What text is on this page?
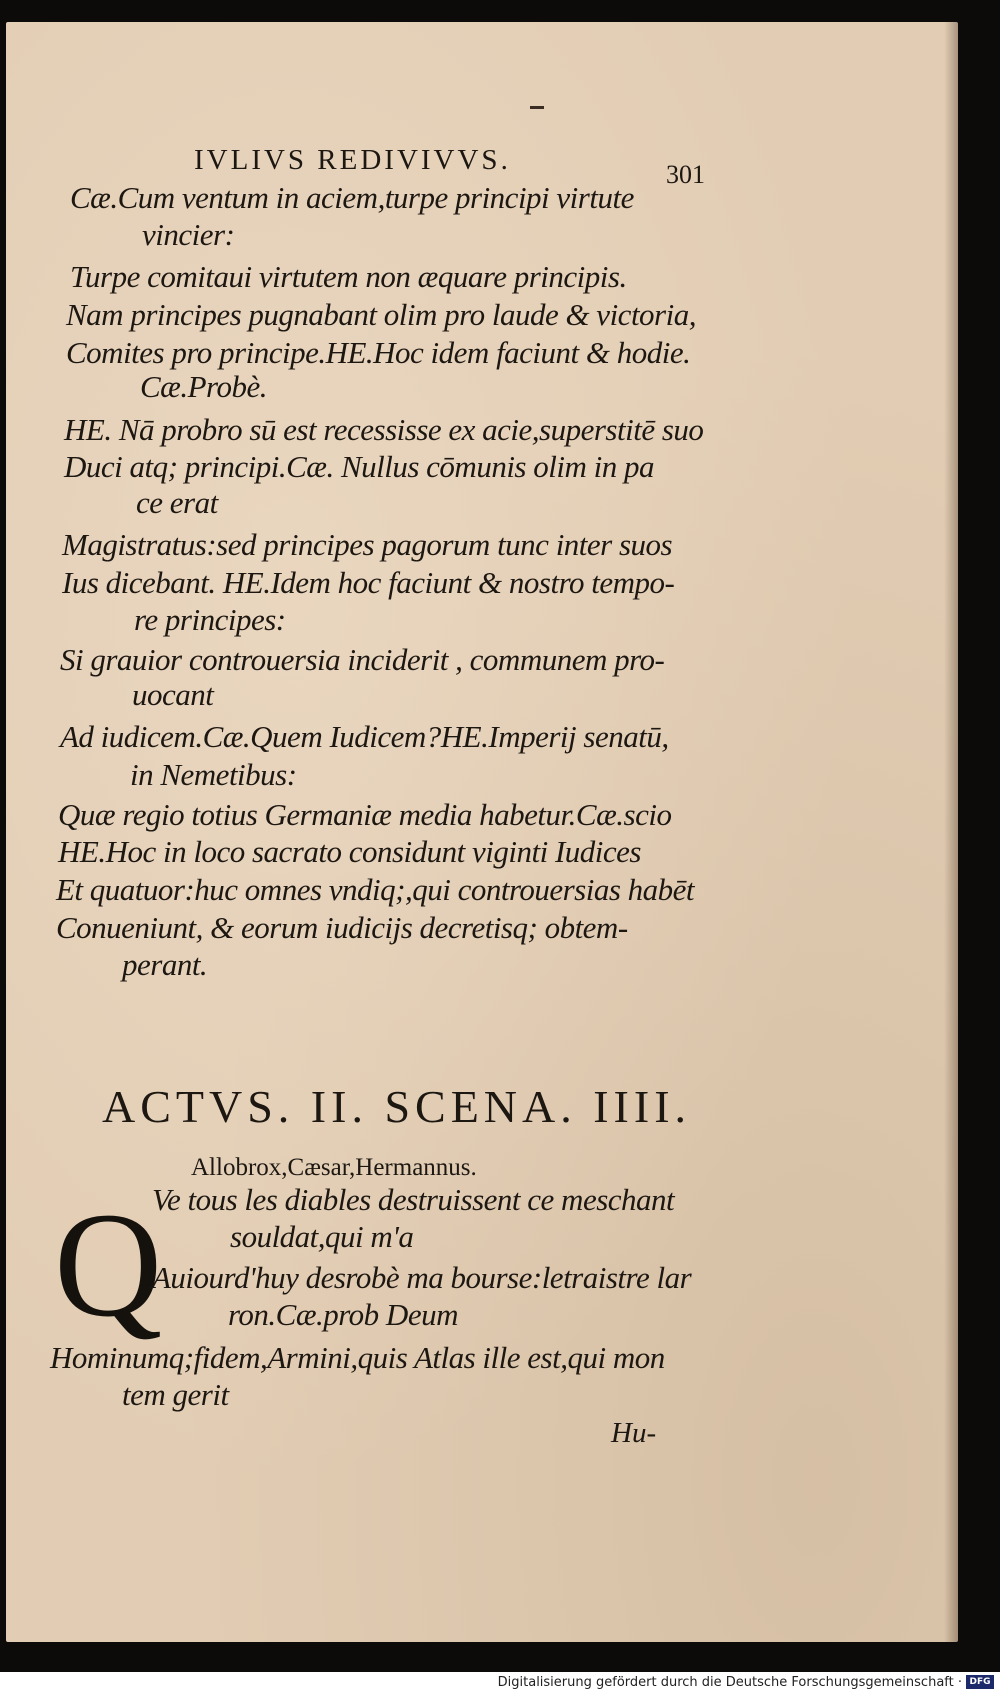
IVLIVS REDIVIVVS.	301
Cæ.Cum ventum in aciem,turpe principi virtute
vincier:
Turpe comitaui virtutem non æquare principis.
Nam principes pugnabant olim pro laude & victoria,
Comites pro principe.HE.Hoc idem faciunt & hodie.
Cæ.Probè.
HE. Nā probro sū est recessisse ex acie,superstitē suo
Duci atq; principi.Cæ. Nullus cōmunis olim in pa
ce erat
Magistratus:sed principes pagorum tunc inter suos
Ius dicebant. HE.Idem hoc faciunt & nostro tempo-
re principes:
Si grauior controuersia inciderit , communem pro-
uocant
Ad iudicem.Cæ.Quem Iudicem?HE.Imperij senatū,
in Nemetibus:
Quæ regio totius Germaniæ media habetur.Cæ.scio
HE.Hoc in loco sacrato considunt viginti Iudices
Et quatuor:huc omnes vndiq;,qui controuersias habēt
Conueniunt, & eorum iudicijs decretisq; obtem-
perant.
ACTVS. II. SCENA. IIII.
Allobrox,Cæsar,Hermannus.
Q
Ve tous les diables destruissent ce meschant
souldat,qui m'a
Auiourd'huy desrobè ma bourse:letraistre lar
ron.Cæ.prob Deum
Hominumq;fidem,Armini,quis Atlas ille est,qui mon
tem gerit
Hu-
Digitalisierung gefördert durch die Deutsche Forschungsgemeinschaft · DFG
